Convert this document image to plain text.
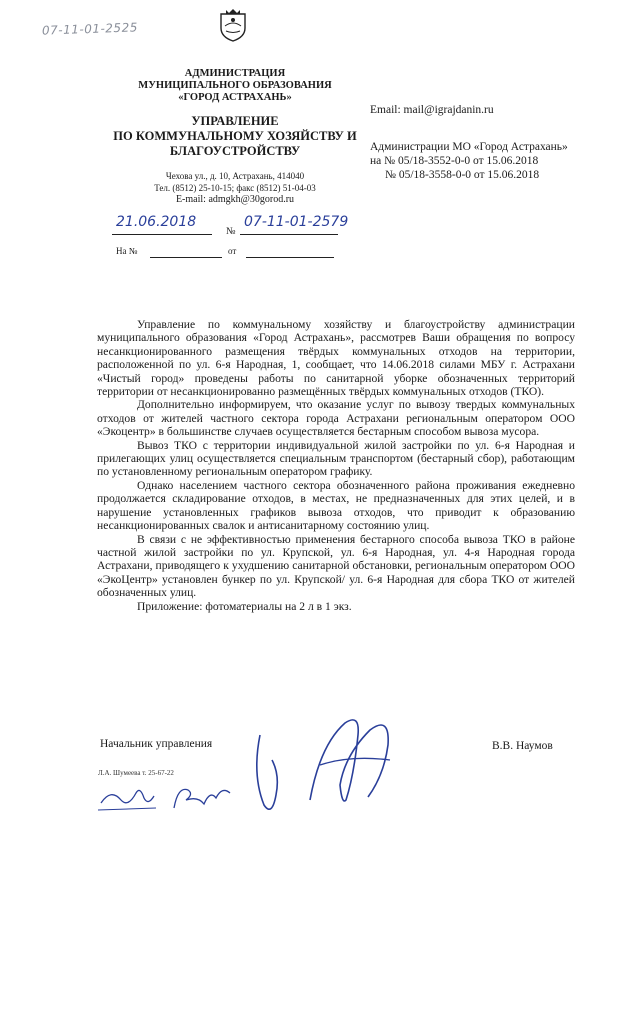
07-11-01-2525
АДМИНИСТРАЦИЯ
МУНИЦИПАЛЬНОГО ОБРАЗОВАНИЯ
«ГОРОД АСТРАХАНЬ»
УПРАВЛЕНИЕ
ПО КОММУНАЛЬНОМУ ХОЗЯЙСТВУ И
БЛАГОУСТРОЙСТВУ
Чехова ул., д. 10, Астрахань, 414040
Тел. (8512) 25-10-15; факс (8512) 51-04-03
E-mail: admgkh@30gorod.ru
Email: mail@igrajdanin.ru
Администрации МО «Город Астрахань»
на № 05/18-3552-0-0 от 15.06.2018
№ 05/18-3558-0-0 от 15.06.2018
21.06.2018
№
07-11-01-2579
На №	от

Управление по коммунальному хозяйству и благоустройству администрации муниципального образования «Город Астрахань», рассмотрев Ваши обращения по вопросу несанкционированного размещения твёрдых коммунальных отходов на территории, расположенной по ул. 6-я Народная, 1, сообщает, что 14.06.2018 силами МБУ г. Астрахани «Чистый город» проведены работы по санитарной уборке обозначенных территорий территории от несанкционированно размещённых твёрдых коммунальных отходов (ТКО).

Дополнительно информируем, что оказание услуг по вывозу твердых коммунальных отходов от жителей частного сектора города Астрахани региональным оператором ООО «Экоцентр» в большинстве случаев осуществляется бестарным способом вывоза мусора.

Вывоз ТКО с территории индивидуальной жилой застройки по ул. 6-я Народная и прилегающих улиц осуществляется специальным транспортом (бестарный сбор), работающим по установленному региональным оператором графику.

Однако населением частного сектора обозначенного района проживания ежедневно продолжается складирование отходов, в местах, не предназначенных для этих целей, и в нарушение установленных графиков вывоза отходов, что приводит к образованию несанкционированных свалок и антисанитарному состоянию улиц.

В связи с не эффективностью применения бестарного способа вывоза ТКО в районе частной жилой застройки по ул. Крупской, ул. 6-я Народная, ул. 4-я Народная города Астрахани, приводящего к ухудшению санитарной обстановки, региональным оператором ООО «ЭкоЦентр» установлен бункер по ул. Крупской/ ул. 6-я Народная для сбора ТКО от жителей обозначенных улиц.

Приложение: фотоматериалы на 2 л в 1 экз.

Начальник управления	В.В. Наумов
Л.А. Шумеева т. 25-67-22
